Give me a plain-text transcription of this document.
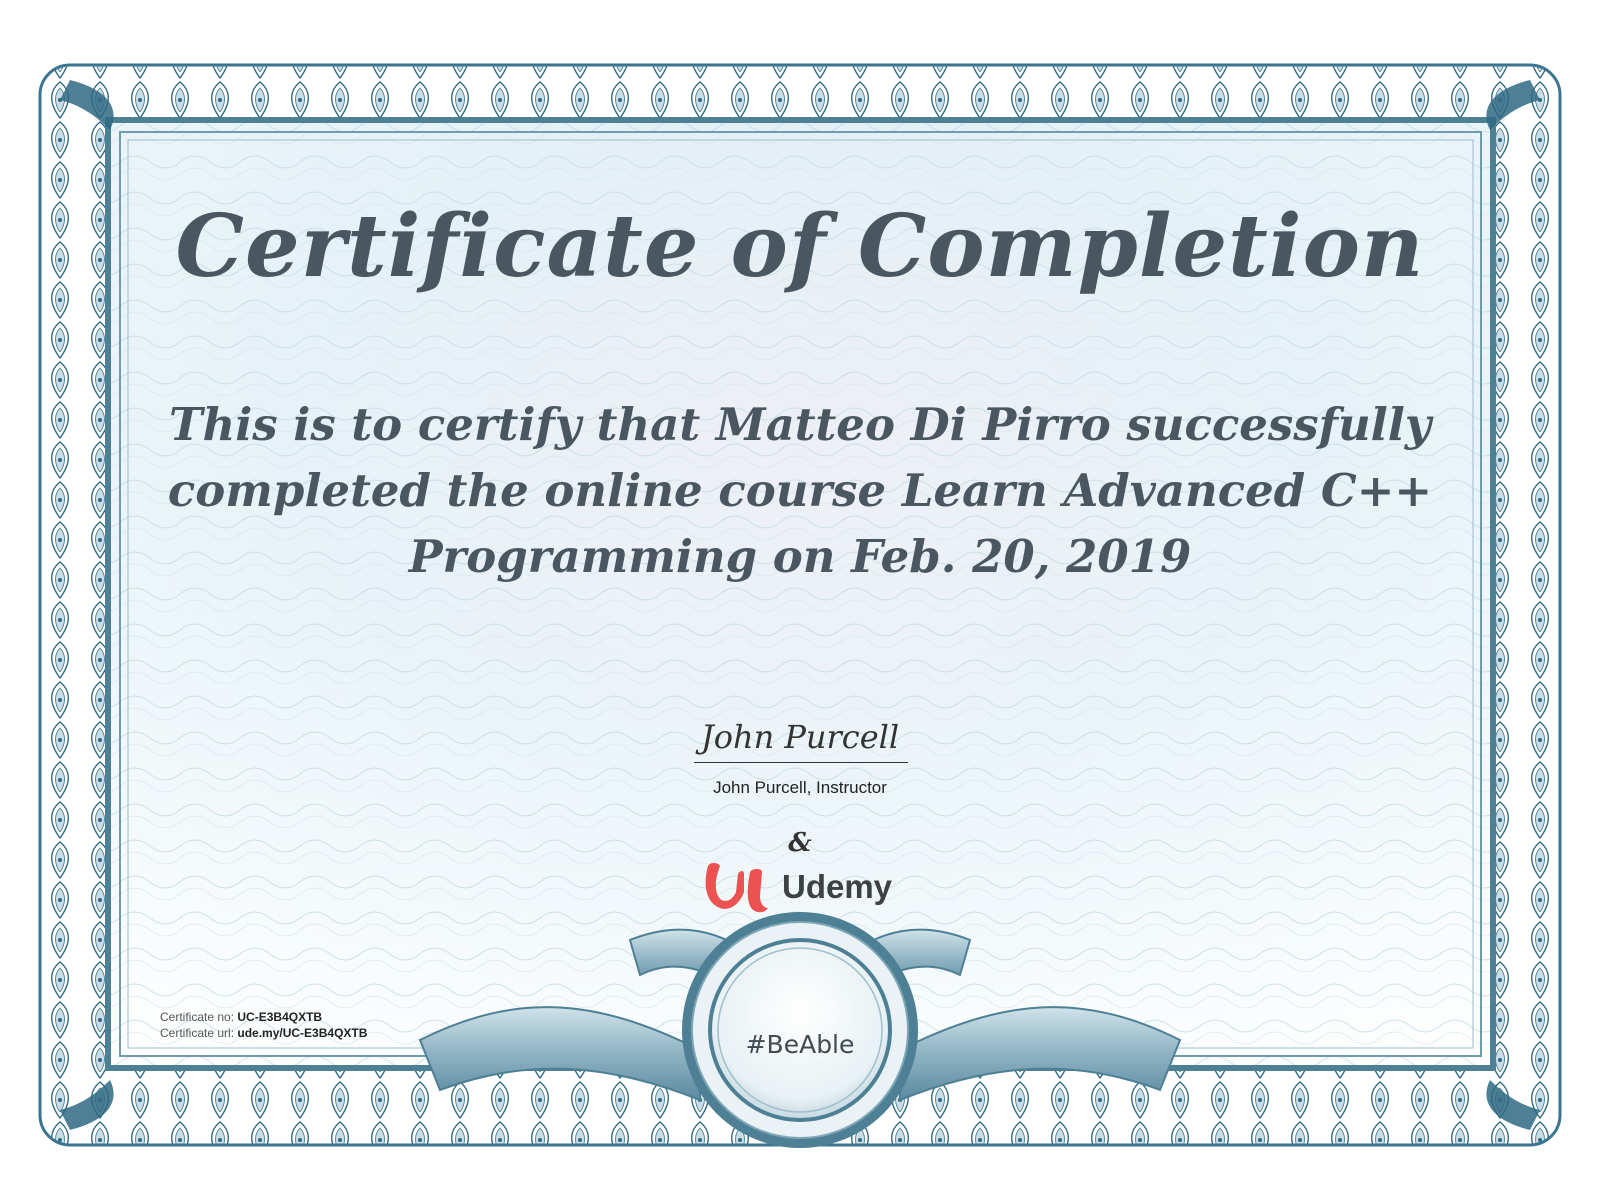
Certificate of Completion
This is to certify that Matteo Di Pirro successfully
completed the online course Learn Advanced C++
Programming on Feb. 20, 2019
John Purcell
John Purcell, Instructor
&
Udemy
Certificate no: UC-E3B4QXTB
Certificate url: ude.my/UC-E3B4QXTB	#BeAble
